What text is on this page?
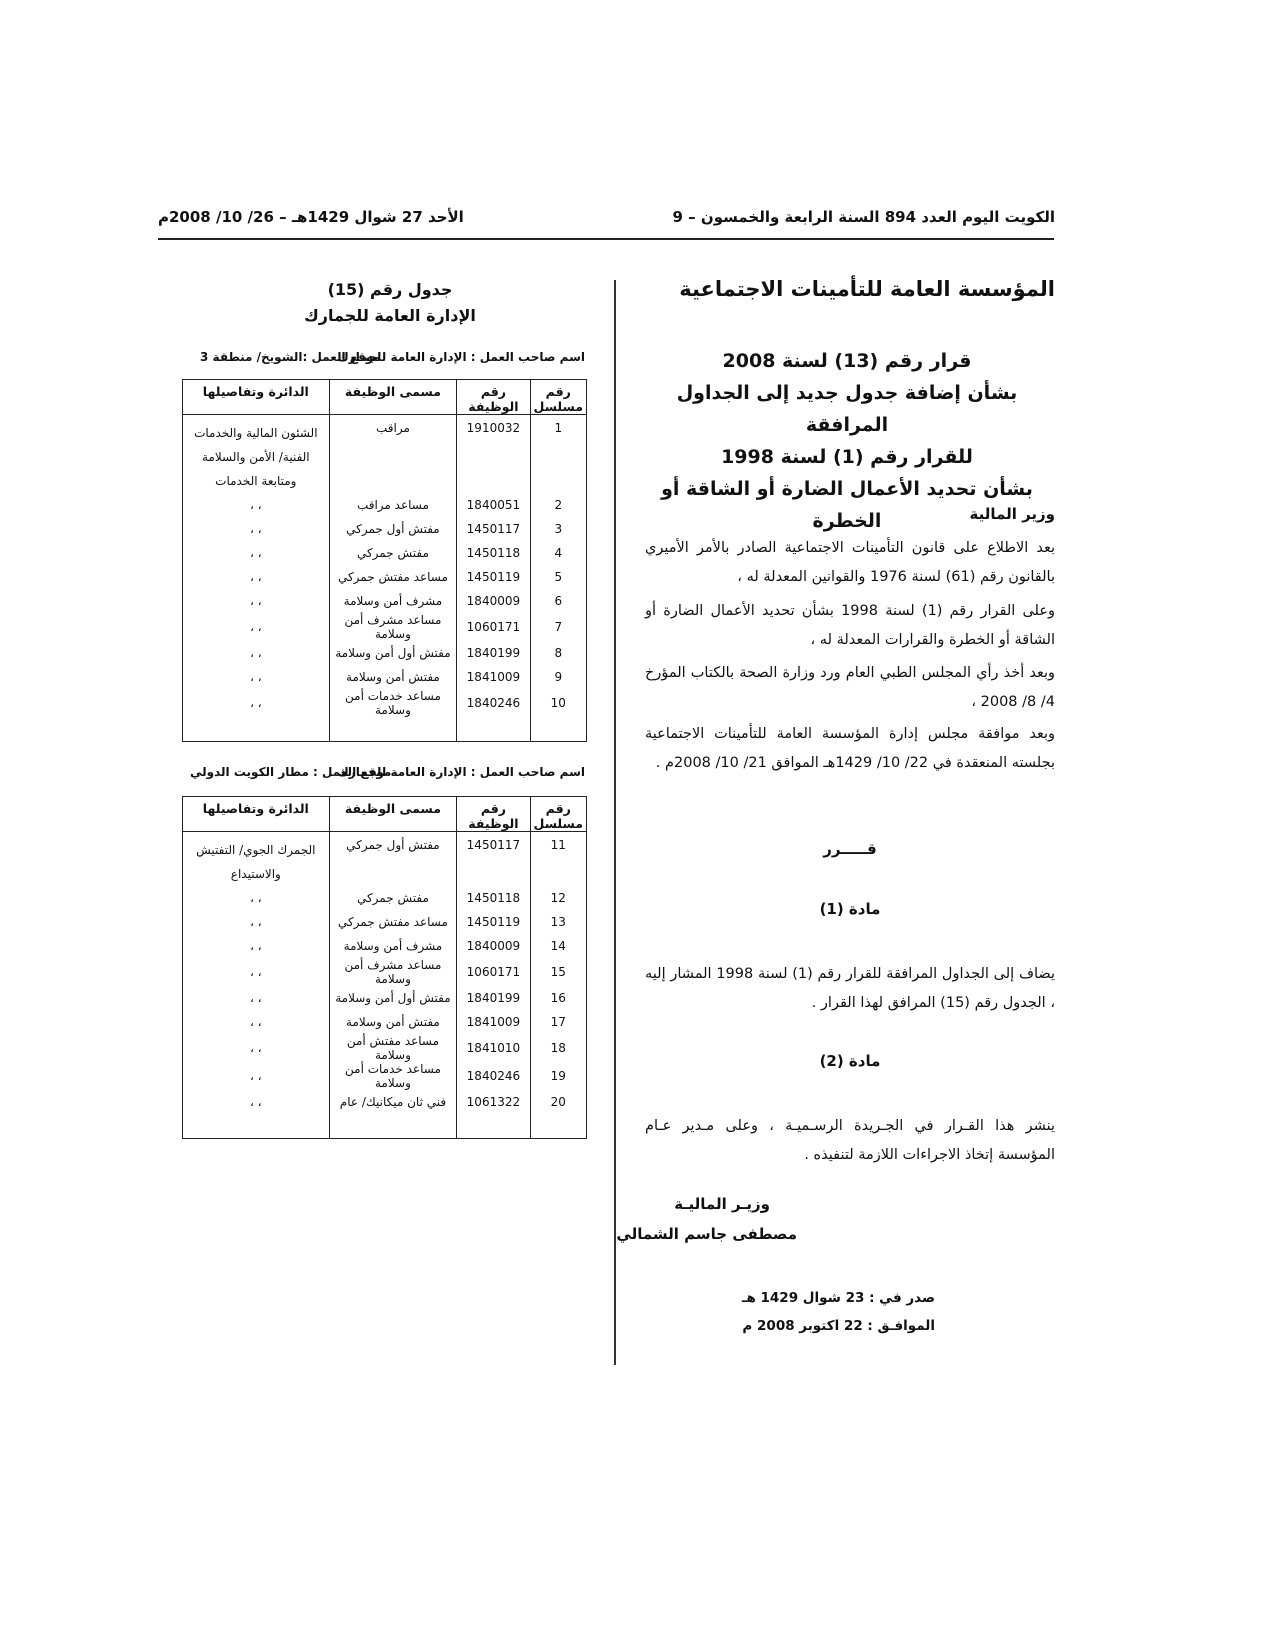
الكويت اليوم العدد 894 السنة الرابعة والخمسون – 9
الأحد 27 شوال 1429هـ – 26/ 10/ 2008م
المؤسسة العامة للتأمينات الاجتماعية
قرار رقم (13) لسنة 2008
بشأن إضافة جدول جديد إلى الجداول المرافقة
للقرار رقم (1) لسنة 1998
بشأن تحديد الأعمال الضارة أو الشاقة أو الخطرة	وزير المالية
بعد الاطلاع على قانون التأمينات الاجتماعية الصادر بالأمر الأميري بالقانون رقم (61) لسنة 1976 والقوانين المعدلة له ،
وعلى القرار رقم (1) لسنة 1998 بشأن تحديد الأعمال الضارة أو الشاقة أو الخطرة والقرارات المعدلة له ،
وبعد أخذ رأي المجلس الطبي العام ورد وزارة الصحة بالكتاب المؤرخ 4/ 8/ 2008 ،
وبعد موافقة مجلس إدارة المؤسسة العامة للتأمينات الاجتماعية بجلسته المنعقدة في 22/ 10/ 1429هـ الموافق 21/ 10/ 2008م .
قـــــرر
مادة (1)
يضاف إلى الجداول المرافقة للقرار رقم (1) لسنة 1998 المشار إليه ، الجدول رقم (15) المرافق لهذا القرار .
مادة (2)
ينشر هذا القـرار في الجـريدة الرسـميـة ، وعلى مـدير عـام المؤسسة إتخاذ الاجراءات اللازمة لتنفيذه .
وزيـر الماليـة
مصطفى جاسم الشمالي
صدر في : 23 شوال 1429 هـ
الموافـق : 22 اكتوبر 2008 م
جدول رقم (15)
الإدارة العامة للجمارك
اسم صاحب العمل : الإدارة العامة للجمارك
موقع العمل :الشويخ/ منطقة 3
رقم مسلسل	رقم الوظيفة	مسمى الوظيفة	الدائرة وتفاصيلها
1	1910032	مراقب	الشئون المالية والخدمات الفنية/ الأمن والسلامة ومتابعة الخدمات
2	1840051	مساعد مراقب	، ،
3	1450117	مفتش أول جمركي	، ،
4	1450118	مفتش جمركي	، ،
5	1450119	مساعد مفتش جمركي	، ،
6	1840009	مشرف أمن وسلامة	، ،
7	1060171	مساعد مشرف أمن وسلامة	، ،
8	1840199	مفتش أول أمن وسلامة	، ،
9	1841009	مفتش أمن وسلامة	، ،
10	1840246	مساعد خدمات أمن وسلامة	، ،

اسم صاحب العمل : الإدارة العامة للجمارك
موقع العمل : مطار الكويت الدولي
رقم مسلسل	رقم الوظيفة	مسمى الوظيفة	الدائرة وتفاصيلها
11	1450117	مفتش أول جمركي	الجمرك الجوي/ التفتيش والاستيداع
12	1450118	مفتش جمركي	، ،
13	1450119	مساعد مفتش جمركي	، ،
14	1840009	مشرف أمن وسلامة	، ،
15	1060171	مساعد مشرف أمن وسلامة	، ،
16	1840199	مفتش أول أمن وسلامة	، ،
17	1841009	مفتش أمن وسلامة	، ،
18	1841010	مساعد مفتش أمن وسلامة	، ،
19	1840246	مساعد خدمات أمن وسلامة	، ،
20	1061322	فني ثان ميكانيك/ عام	، ،
